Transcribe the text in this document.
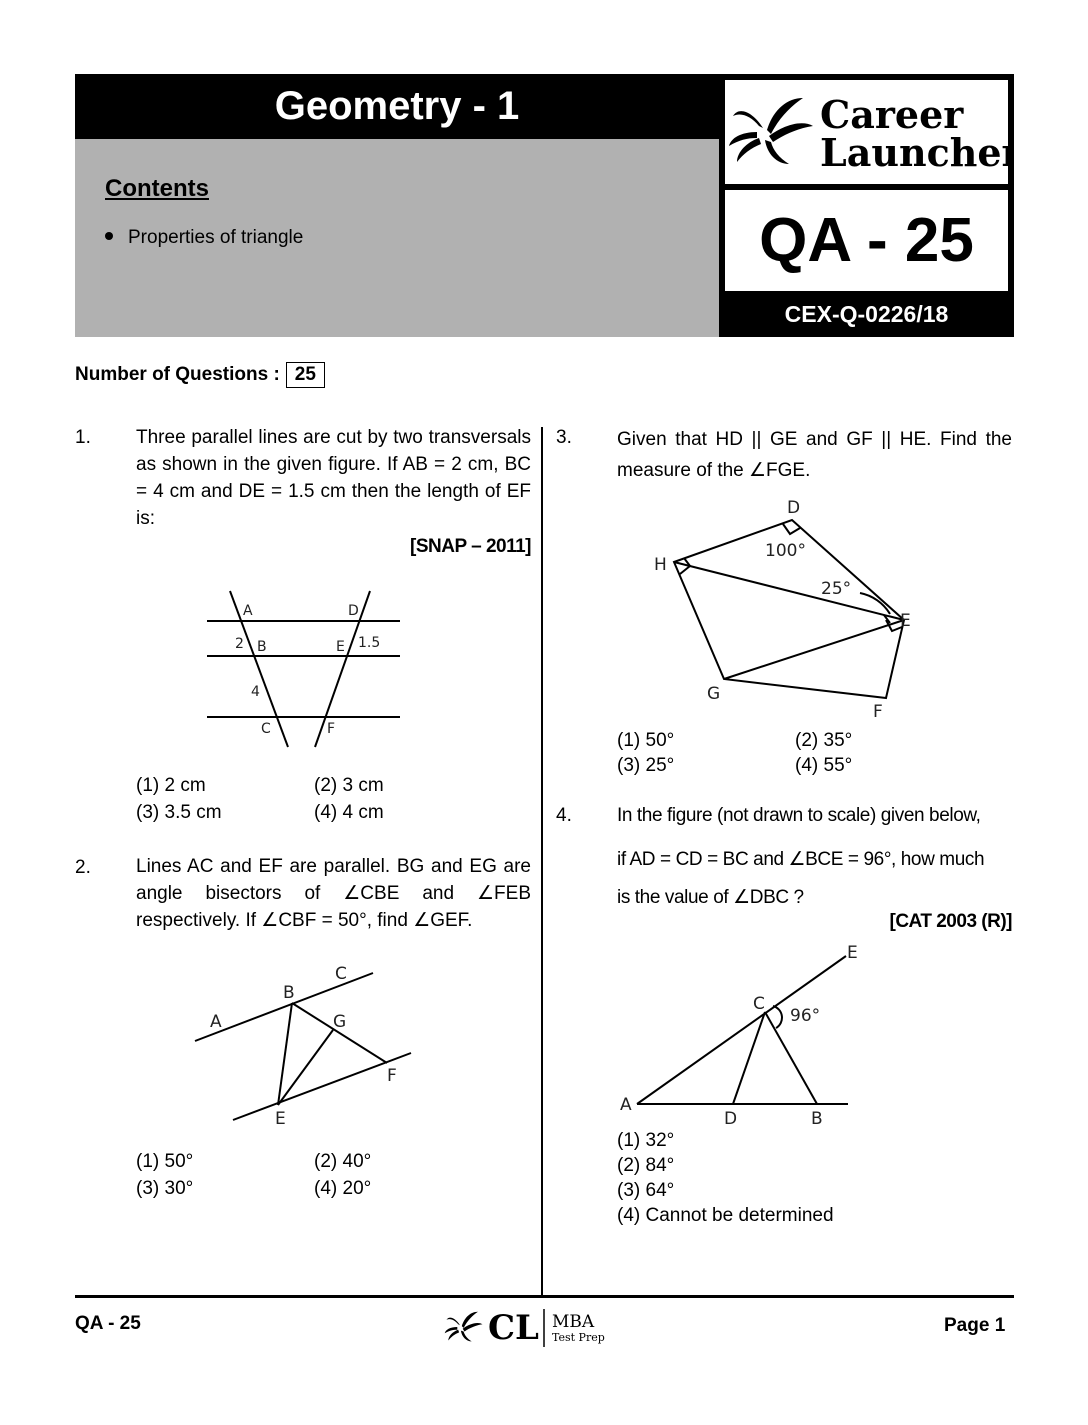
Geometry - 1
Contents
Properties of triangle
Career
Launcher
QA - 25
CEX-Q-0226/18
Number of Questions : 25
1. Three parallel lines are cut by two transversals as shown in the given figure. If AB = 2 cm, BC = 4 cm and DE = 1.5 cm then the length of EF is:
[SNAP – 2011]
A	D
2 B	E 1.5
4
C	F
(1) 2 cm	(2) 3 cm
(3) 3.5 cm	(4) 4 cm
2. Lines AC and EF are parallel. BG and EG are angle bisectors of ∠CBE and ∠FEB respectively. If ∠CBF = 50°, find ∠GEF.
A
B
C
G
F
E
(1) 50°	(2) 40°
(3) 30°	(4) 20°
3. Given that HD || GE and GF || HE. Find the measure of the ∠FGE.
D
H
E
G
F
100°
25°
(1) 50°	(2) 35°
(3) 25°	(4) 55°
4. In the figure (not drawn to scale) given below,
if AD = CD = BC and ∠BCE = 96°, how much
is the value of ∠DBC ?
[CAT 2003 (R)]
A
D	B
C
E
96°
(1) 32°
(2) 84°
(3) 64°
(4) Cannot be determined
QA - 25	CL MBA
Test Prep
Page 1
